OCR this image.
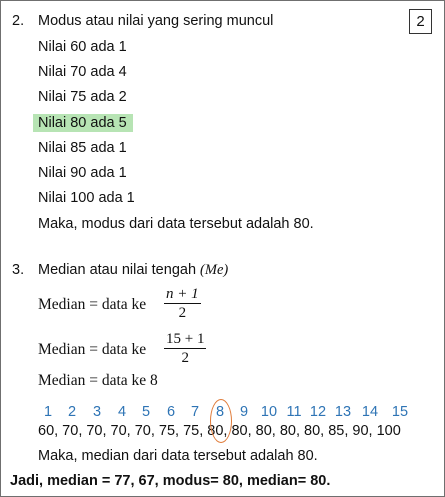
2
2. Modus atau nilai yang sering muncul
Nilai 60 ada 1
Nilai 70 ada 4
Nilai 75 ada 2
Nilai 80 ada 5
Nilai 85 ada 1
Nilai 90 ada 1
Nilai 100 ada 1
Maka, modus dari data tersebut adalah 80.
3. Median atau nilai tengah (Me)
Median = data ke
n + 1
2
Median = data ke
15 + 1
2
Median = data ke 8
1 2 3 4 5 6 7 8 9 10 11 12 13 14 15
60, 70, 70, 70, 70, 75, 75, 80, 80, 80, 80, 80, 85, 90, 100
Maka, median dari data tersebut adalah 80.
Jadi, median = 77, 67, modus= 80, median= 80.
